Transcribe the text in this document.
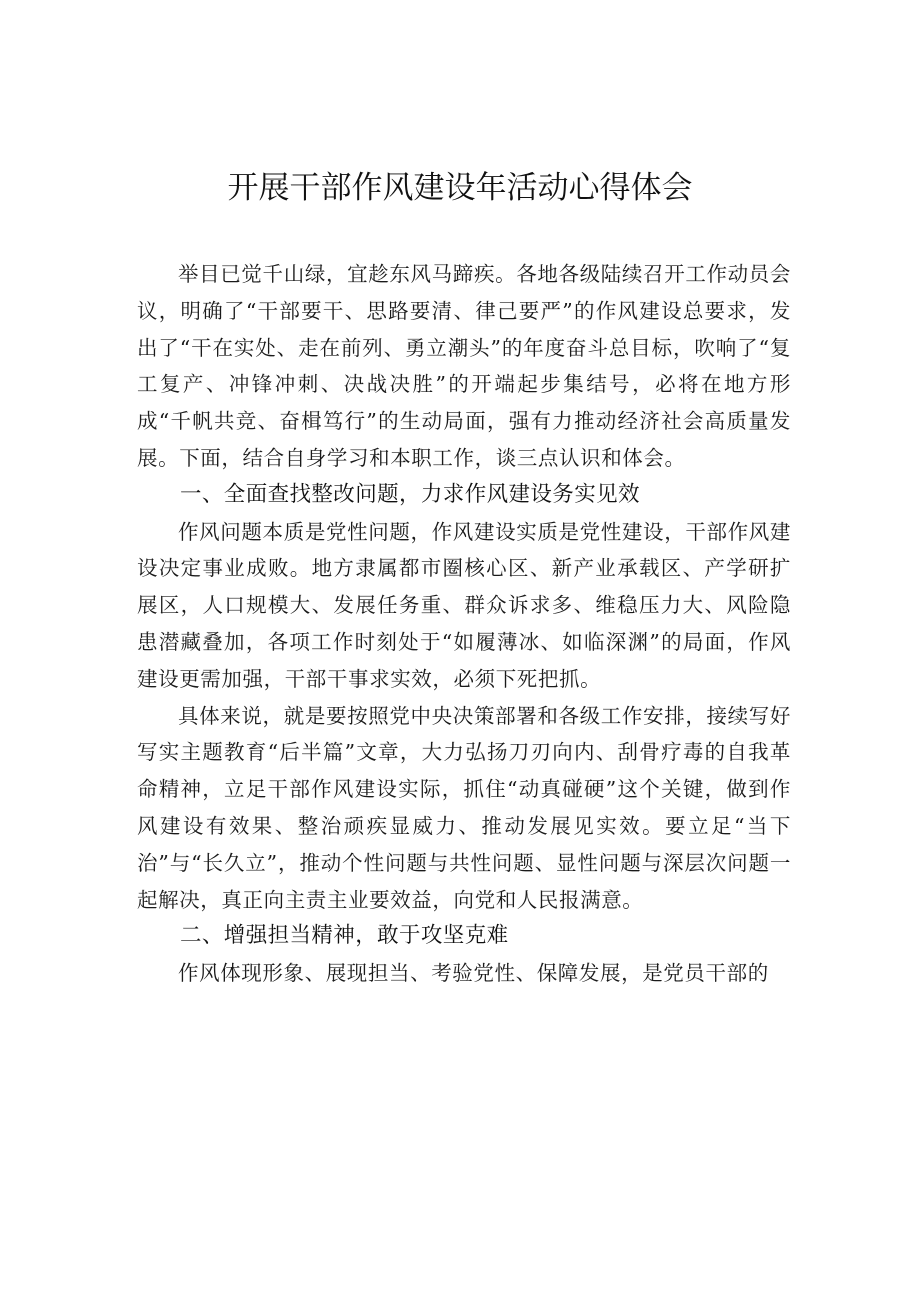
开展干部作风建设年活动心得体会

举目已觉千山绿，宜趁东风马蹄疾。各地各级陆续召开工作动员会议，明确了“干部要干、思路要清、律己要严”的作风建设总要求，发出了“干在实处、走在前列、勇立潮头”的年度奋斗总目标，吹响了“复工复产、冲锋冲刺、决战决胜”的开端起步集结号，必将在地方形成“千帆共竞、奋楫笃行”的生动局面，强有力推动经济社会高质量发展。下面，结合自身学习和本职工作，谈三点认识和体会。

一、全面查找整改问题，力求作风建设务实见效

作风问题本质是党性问题，作风建设实质是党性建设，干部作风建设决定事业成败。地方隶属都市圈核心区、新产业承载区、产学研扩展区，人口规模大、发展任务重、群众诉求多、维稳压力大、风险隐患潜藏叠加，各项工作时刻处于“如履薄冰、如临深渊”的局面，作风建设更需加强，干部干事求实效，必须下死把抓。

具体来说，就是要按照党中央决策部署和各级工作安排，接续写好写实主题教育“后半篇”文章，大力弘扬刀刃向内、刮骨疗毒的自我革命精神，立足干部作风建设实际，抓住“动真碰硬”这个关键，做到作风建设有效果、整治顽疾显威力、推动发展见实效。要立足“当下治”与“长久立”，推动个性问题与共性问题、显性问题与深层次问题一起解决，真正向主责主业要效益，向党和人民报满意。

二、增强担当精神，敢于攻坚克难

作风体现形象、展现担当、考验党性、保障发展，是党员干部的
